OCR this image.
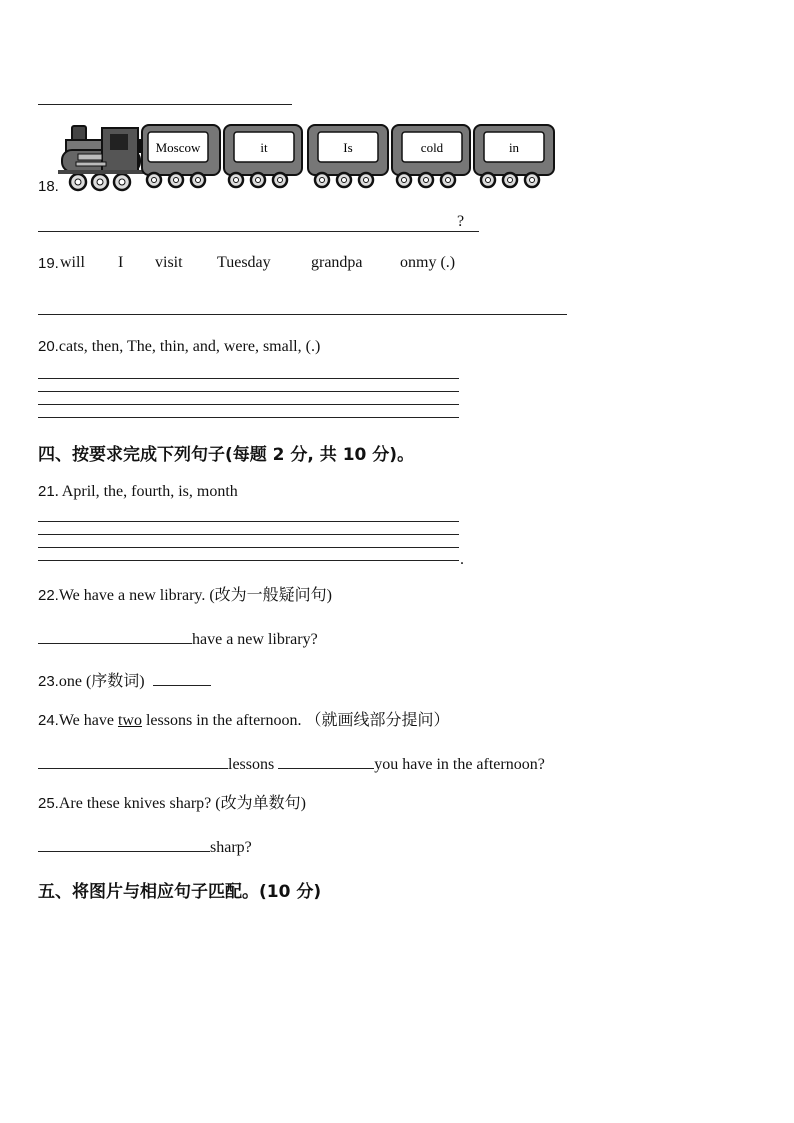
18.
Moscow	it	Is	cold	in
?
19. will I visit Tuesday	grandpa onmy (.)
20.cats, then, The, thin, and, were, small, (.)
四、按要求完成下列句子(每题 2 分, 共 10 分)。
21. April, the, fourth, is, month
.
22.We have a new library. (改为一般疑问句)
have a new library?
23.one (序数词)
24.We have two lessons in the afternoon. （就画线部分提问）
lessons	you have in the afternoon?
25.Are these knives sharp? (改为单数句)
sharp?
五、将图片与相应句子匹配。(10 分)
